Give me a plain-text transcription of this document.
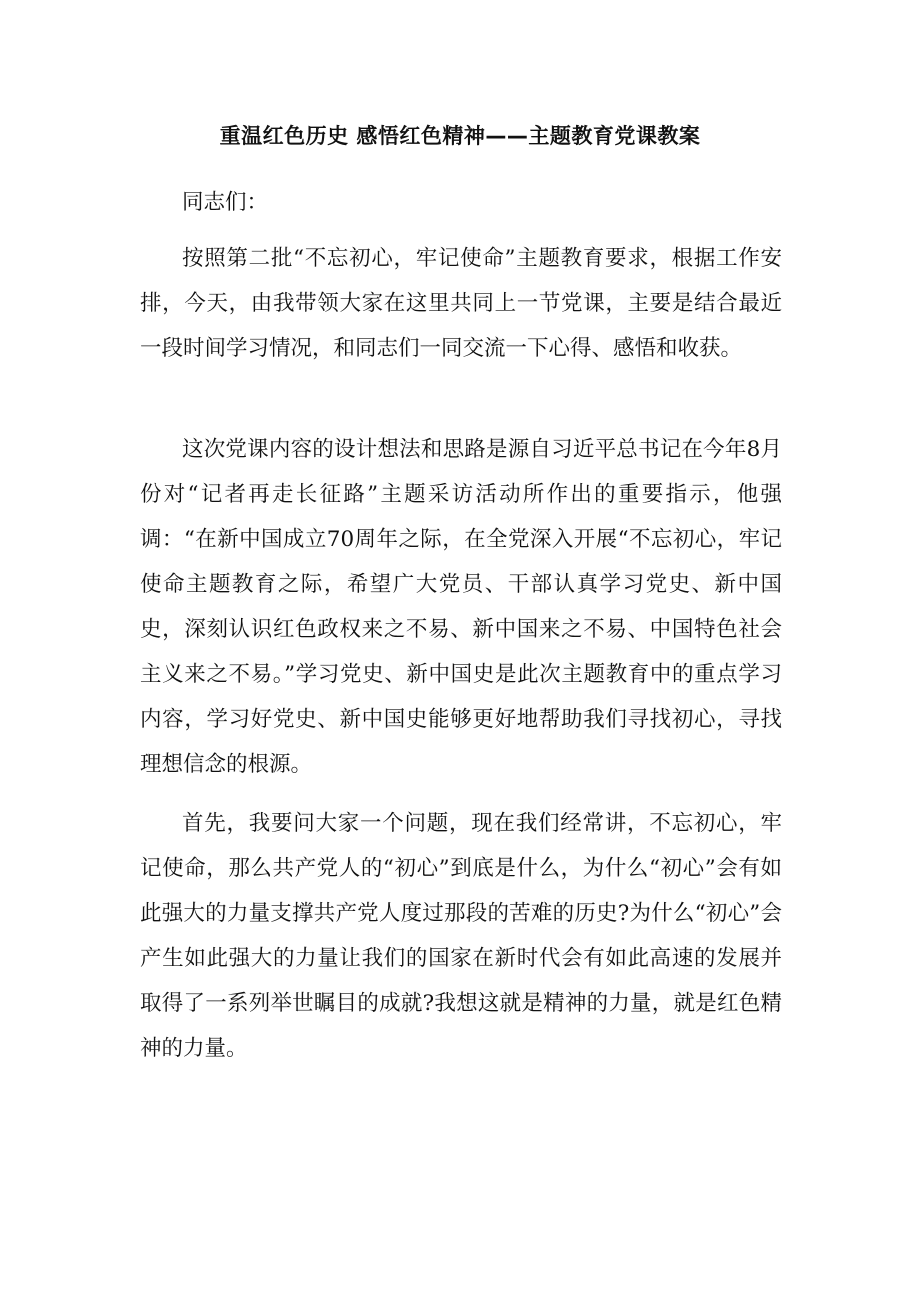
重温红色历史 感悟红色精神——主题教育党课教案

同志们：

按照第二批“不忘初心，牢记使命”主题教育要求，根据工作安排，今天，由我带领大家在这里共同上一节党课，主要是结合最近一段时间学习情况，和同志们一同交流一下心得、感悟和收获。

这次党课内容的设计想法和思路是源自习近平总书记在今年8月份对“记者再走长征路”主题采访活动所作出的重要指示，他强调：“在新中国成立70周年之际，在全党深入开展“不忘初心，牢记使命主题教育之际，希望广大党员、干部认真学习党史、新中国史，深刻认识红色政权来之不易、新中国来之不易、中国特色社会主义来之不易。”学习党史、新中国史是此次主题教育中的重点学习内容，学习好党史、新中国史能够更好地帮助我们寻找初心，寻找理想信念的根源。

首先，我要问大家一个问题，现在我们经常讲，不忘初心，牢记使命，那么共产党人的“初心”到底是什么，为什么“初心”会有如此强大的力量支撑共产党人度过那段的苦难的历史?为什么“初心”会产生如此强大的力量让我们的国家在新时代会有如此高速的发展并取得了一系列举世瞩目的成就?我想这就是精神的力量，就是红色精神的力量。
